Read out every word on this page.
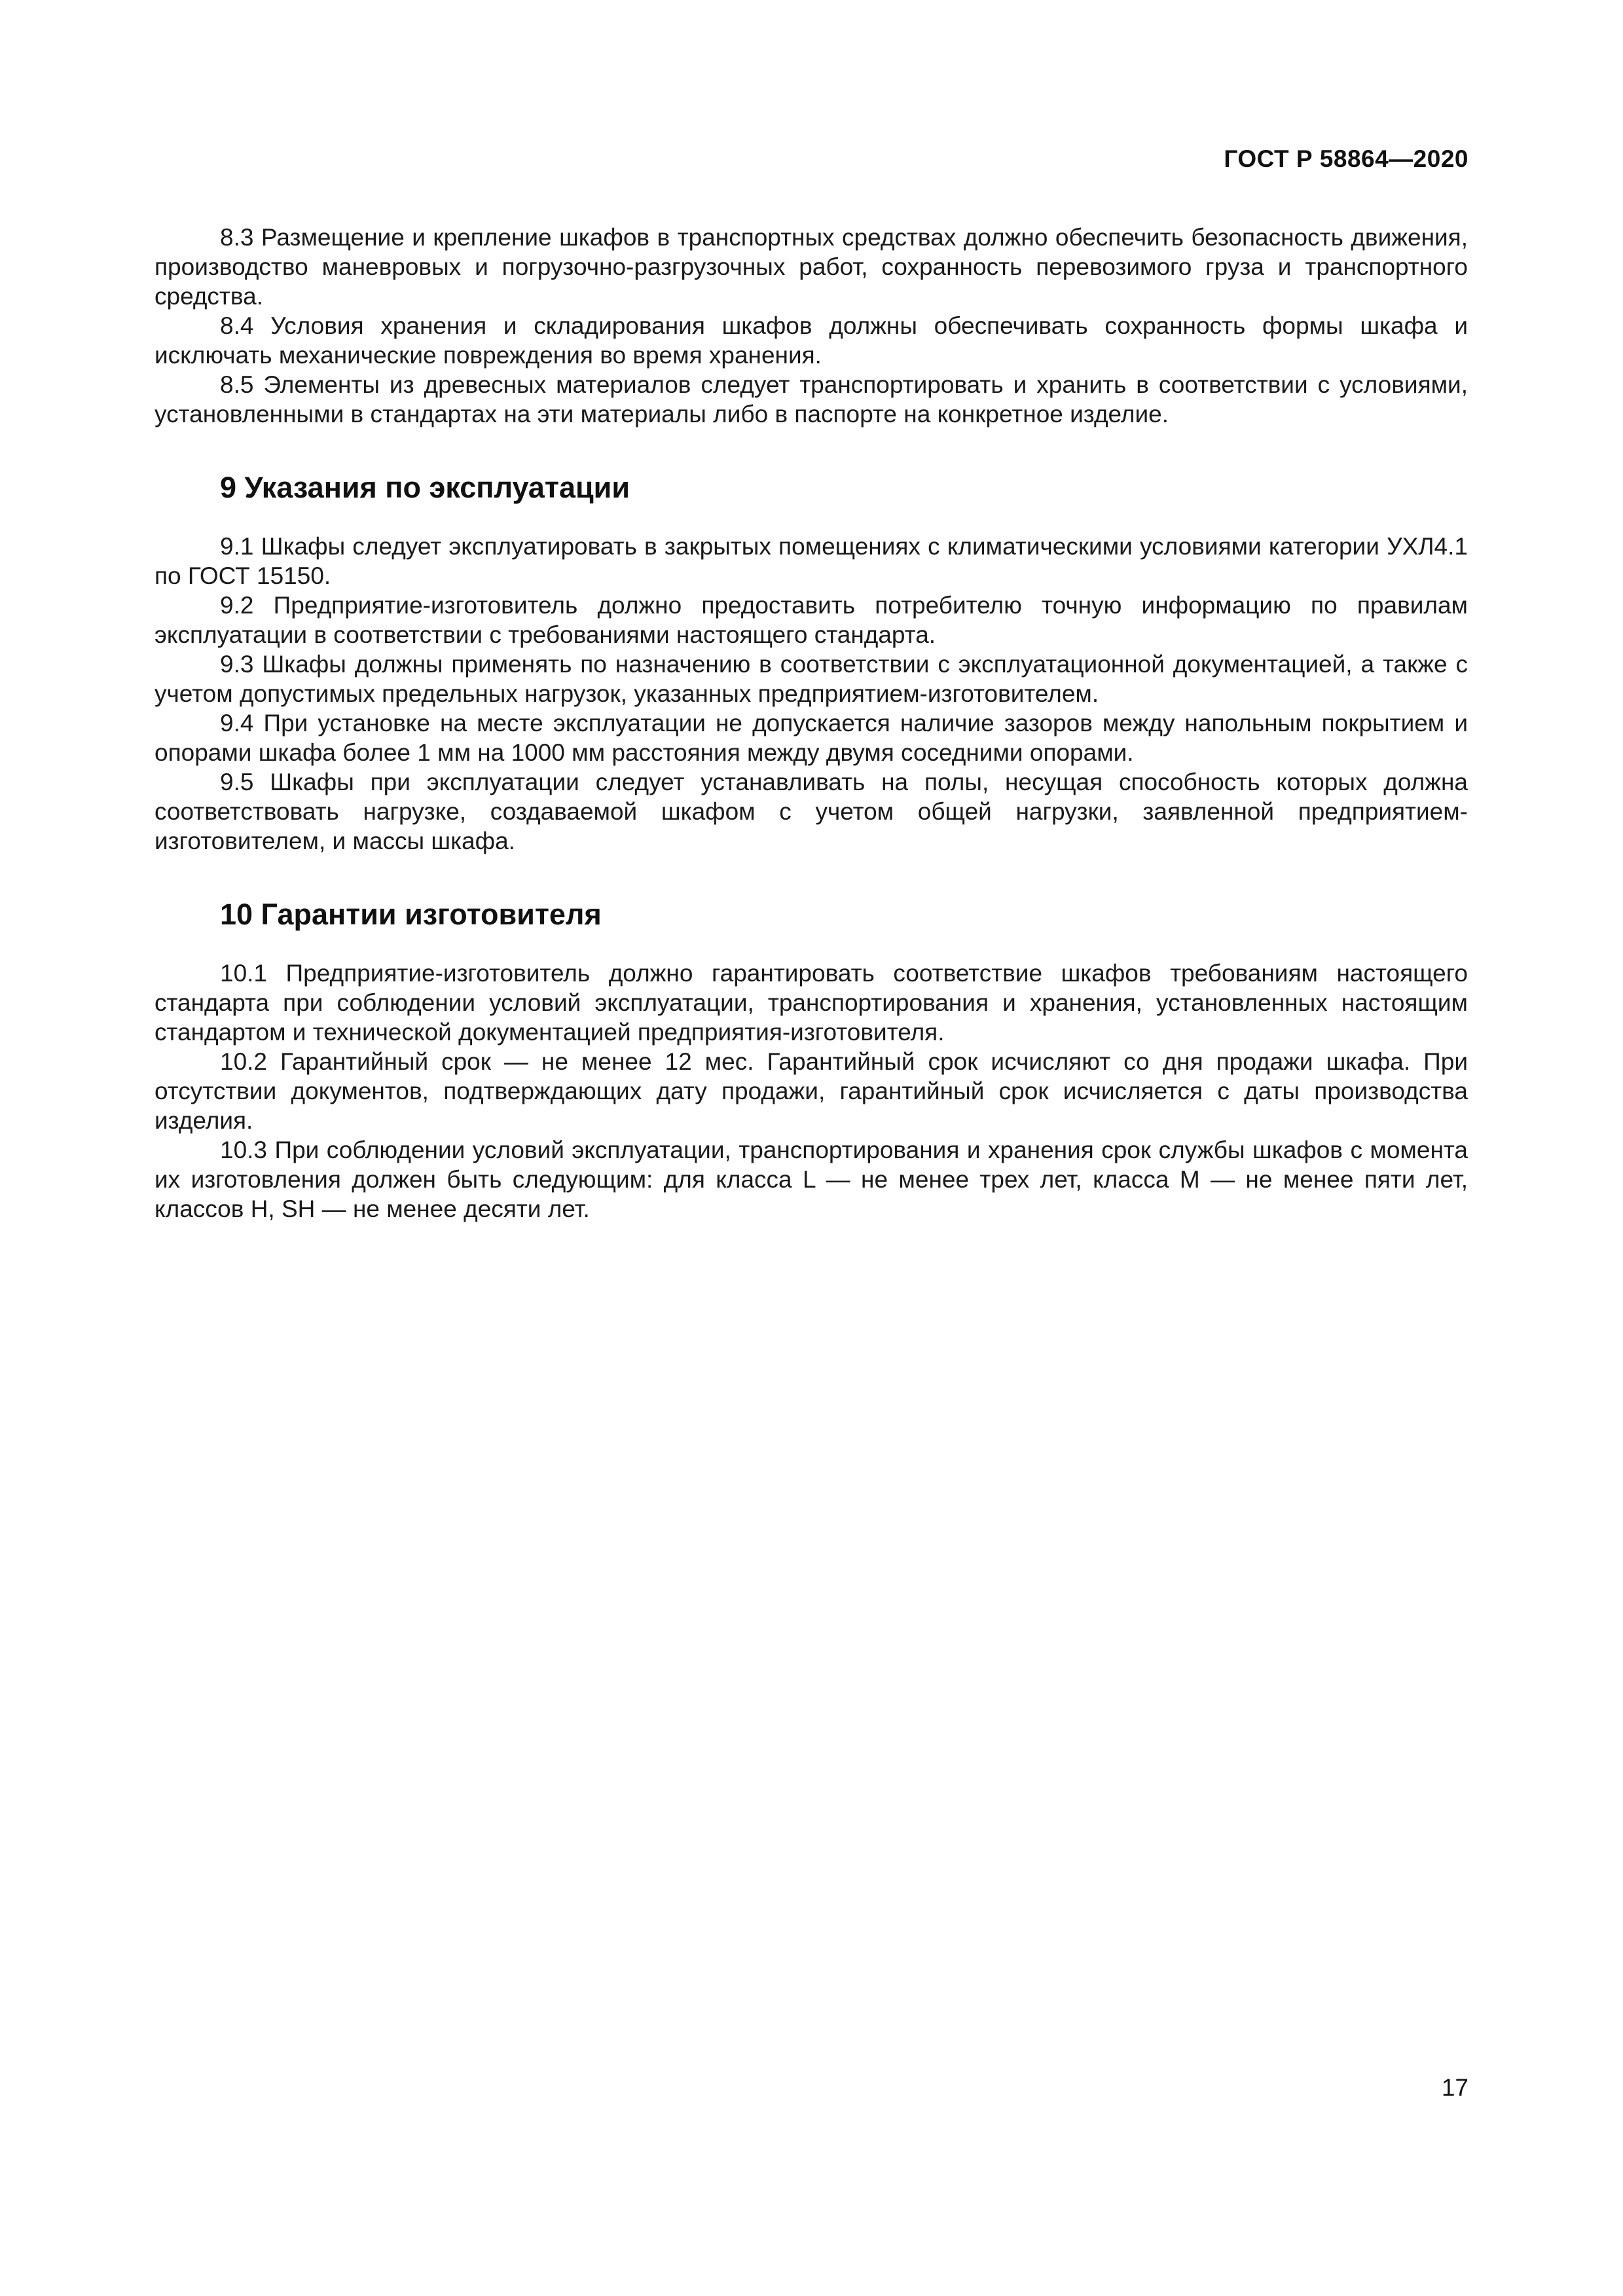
ГОСТ Р 58864—2020

8.3 Размещение и крепление шкафов в транспортных средствах должно обеспечить безопасность движения, производство маневровых и погрузочно-разгрузочных работ, сохранность перевозимого груза и транспортного средства.

8.4 Условия хранения и складирования шкафов должны обеспечивать сохранность формы шкафа и исключать механические повреждения во время хранения.

8.5 Элементы из древесных материалов следует транспортировать и хранить в соответствии с условиями, установленными в стандартах на эти материалы либо в паспорте на конкретное изделие.

9 Указания по эксплуатации

9.1 Шкафы следует эксплуатировать в закрытых помещениях с климатическими условиями категории УХЛ4.1 по ГОСТ 15150.

9.2 Предприятие-изготовитель должно предоставить потребителю точную информацию по правилам эксплуатации в соответствии с требованиями настоящего стандарта.

9.3 Шкафы должны применять по назначению в соответствии с эксплуатационной документацией, а также с учетом допустимых предельных нагрузок, указанных предприятием-изготовителем.

9.4 При установке на месте эксплуатации не допускается наличие зазоров между напольным покрытием и опорами шкафа более 1 мм на 1000 мм расстояния между двумя соседними опорами.

9.5 Шкафы при эксплуатации следует устанавливать на полы, несущая способность которых должна соответствовать нагрузке, создаваемой шкафом с учетом общей нагрузки, заявленной предприятием-изготовителем, и массы шкафа.

10 Гарантии изготовителя

10.1 Предприятие-изготовитель должно гарантировать соответствие шкафов требованиям настоящего стандарта при соблюдении условий эксплуатации, транспортирования и хранения, установленных настоящим стандартом и технической документацией предприятия-изготовителя.

10.2 Гарантийный срок — не менее 12 мес. Гарантийный срок исчисляют со дня продажи шкафа. При отсутствии документов, подтверждающих дату продажи, гарантийный срок исчисляется с даты производства изделия.

10.3 При соблюдении условий эксплуатации, транспортирования и хранения срок службы шкафов с момента их изготовления должен быть следующим: для класса L — не менее трех лет, класса М — не менее пяти лет, классов Н, SH — не менее десяти лет.

17
